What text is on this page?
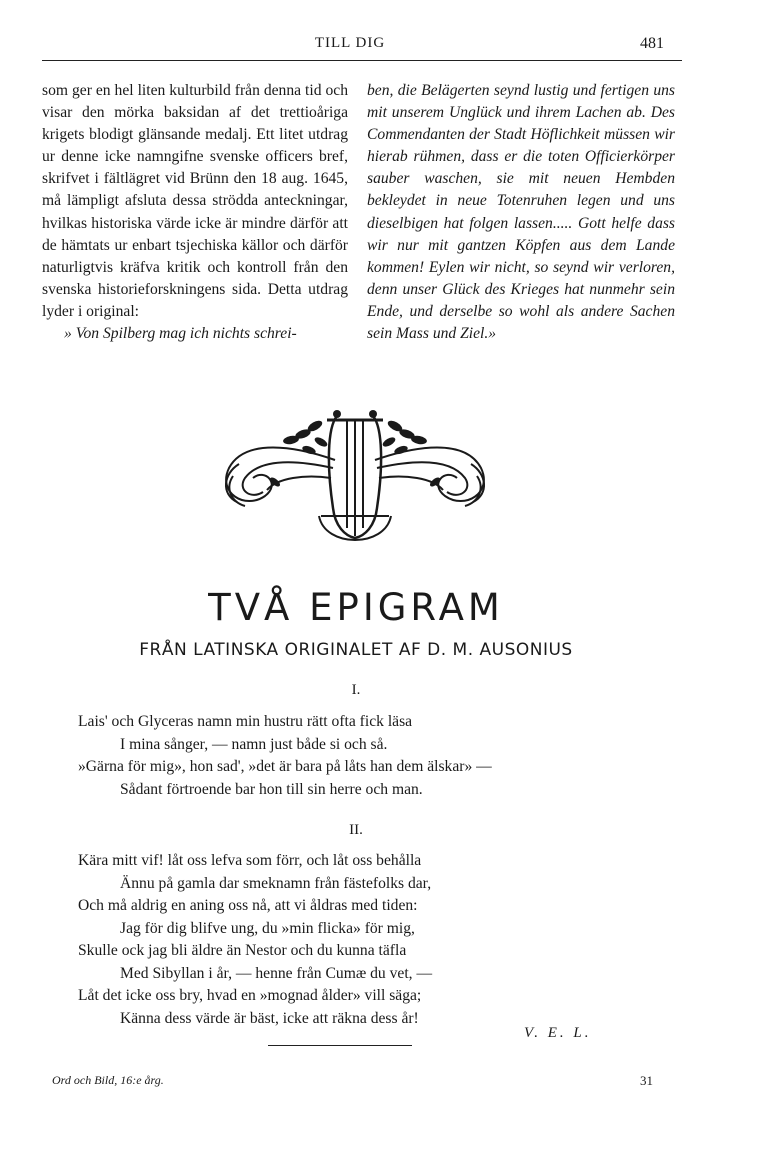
TILL DIG	481

som ger en hel liten kulturbild från denna tid och visar den mörka baksidan af det trettioåriga krigets blodigt glänsande medalj. Ett litet utdrag ur denne icke namngifne svenske officers bref, skrifvet i fältlägret vid Brünn den 18 aug. 1645, må lämpligt afsluta dessa strödda anteckningar, hvilkas historiska värde icke är mindre därför att de hämtats ur enbart tsjechiska källor och därför naturligtvis kräfva kritik och kontroll från den svenska historieforskningens sida. Detta utdrag lyder i original:

» Von Spilberg mag ich nichts schrei-

ben, die Belägerten seynd lustig und fertigen uns mit unserem Unglück und ihrem Lachen ab. Des Commendanten der Stadt Höflichkeit müssen wir hierab rühmen, dass er die toten Officierkörper sauber waschen, sie mit neuen Hembden bekleydet in neue Totenruhen legen und uns dieselbigen hat folgen lassen..... Gott helfe dass wir nur mit gantzen Köpfen aus dem Lande kommen! Eylen wir nicht, so seynd wir verloren, denn unser Glück des Krieges hat nunmehr sein Ende, und derselbe so wohl als andere Sachen sein Mass und Ziel.»

TVÅ EPIGRAM
FRÅN LATINSKA ORIGINALET AF D. M. AUSONIUS
I.
Lais' och Glyceras namn min hustru rätt ofta fick läsa
I mina sånger, — namn just både si och så.
»Gärna för mig», hon sad', »det är bara på låts han dem älskar» —
Sådant förtroende bar hon till sin herre och man.
II.
Kära mitt vif! låt oss lefva som förr, och låt oss behålla
Ännu på gamla dar smeknamn från fästefolks dar,
Och må aldrig en aning oss nå, att vi åldras med tiden:
Jag för dig blifve ung, du »min flicka» för mig,
Skulle ock jag bli äldre än Nestor och du kunna täfla
Med Sibyllan i år, — henne från Cumæ du vet, —
Låt det icke oss bry, hvad en »mognad ålder» vill säga;
Känna dess värde är bäst, icke att räkna dess år!
V. E. L.
Ord och Bild, 16:e årg.	31
